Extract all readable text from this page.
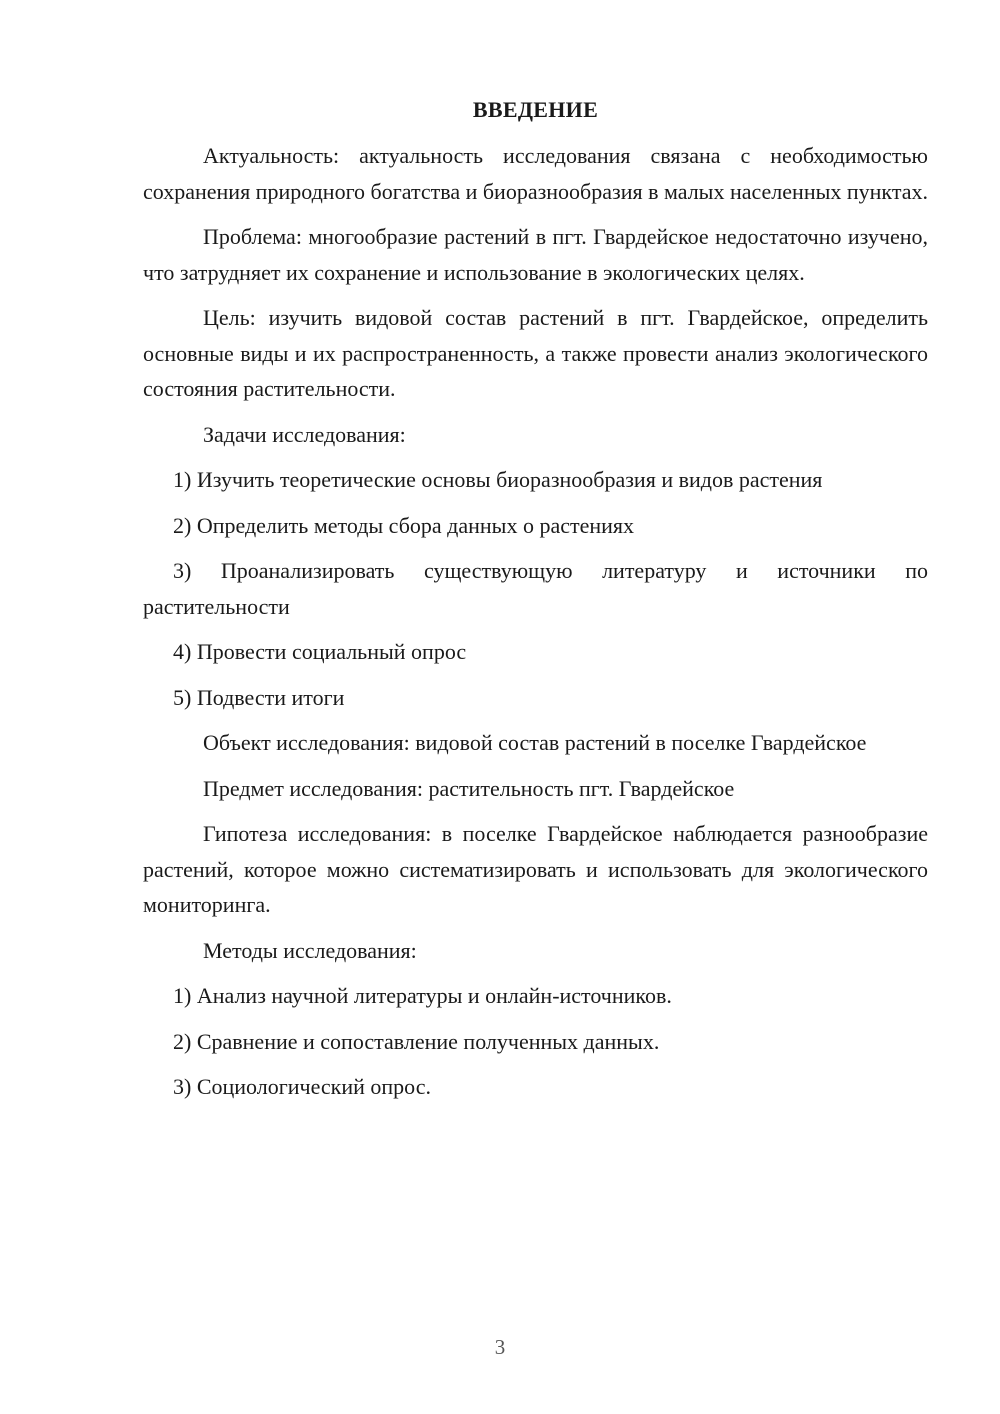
ВВЕДЕНИЕ
Актуальность: актуальность исследования связана с необходимостью сохранения природного богатства и биоразнообразия в малых населенных пунктах.
Проблема: многообразие растений в пгт. Гвардейское недостаточно изучено, что затрудняет их сохранение и использование в экологических целях.
Цель: изучить видовой состав растений в пгт. Гвардейское, определить основные виды и их распространенность, а также провести анализ экологического состояния растительности.
Задачи исследования:
1) Изучить теоретические основы биоразнообразия и видов растения
2) Определить методы сбора данных о растениях
3) Проанализировать существующую литературу и источники по растительности
4) Провести социальный опрос
5) Подвести итоги
Объект исследования: видовой состав растений в поселке Гвардейское
Предмет исследования: растительность пгт. Гвардейское
Гипотеза исследования: в поселке Гвардейское наблюдается разнообразие растений, которое можно систематизировать и использовать для экологического мониторинга.
Методы исследования:
1) Анализ научной литературы и онлайн-источников.
2) Сравнение и сопоставление полученных данных.
3) Социологический опрос.
3
